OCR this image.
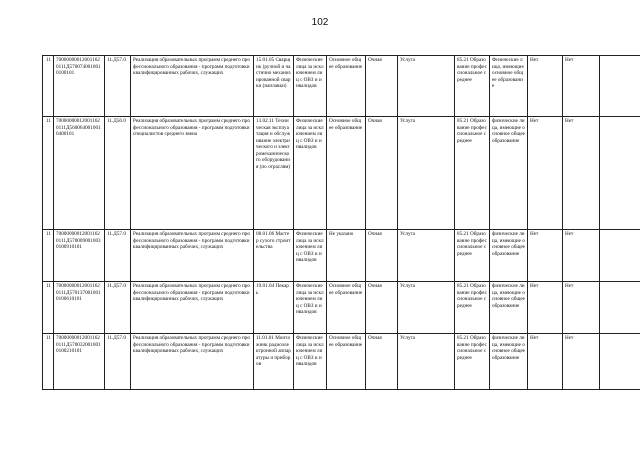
102
11	700000000120011620111Д5700740010010100101	11.Д57.0	Реализация образовательных программ среднего профессионального образования - программ подготовки квалифицированных рабочих, служащих	15.01.05 Сварщик (ручной и частично механизированной сварки (наплавки)	Физические лица за исключением лиц с ОВЗ и инвалидов	Основное общее образование	Очная	Услуга	85.21 Образование профессиональное среднее	Физические лица, имеющие основное общее образование	Нет	Нет	
11	700000000120011620111Д5600640010010400101	11.Д56.0	Реализация образовательных программ среднего профессионального образования - программ подготовки специалистов среднего звена	13.02.11 Техническая эксплуатация и обслуживание электрического и электромеханического оборудования (по отраслям)	Физические лица за исключением лиц с ОВЗ и инвалидов	Основное общее образование	Очная	Услуга	85.21 Образование профессиональное среднее	физические лица, имеющие основное общее образование	Нет	Нет	
11	700000000120011620111Д5700090010030100910101	11.Д57.0	Реализация образовательных программ среднего профессионального образования - программ подготовки квалифицированных рабочих, служащих	08.01.06 Мастер сухого строительства	Физические лица за исключением лиц с ОВЗ и инвалидов	Не указано	Очная	Услуга	85.21 Образование профессиональное среднее	физические лица, имеющие основное общее образование	Нет	Нет	
11	700000000120011620111Д5701370010010100610101	11.Д57.0	Реализация образовательных программ среднего профессионального образования - программ подготовки квалифицированных рабочих, служащих	19.01.04 Пекарь	Физические лица за исключением лиц с ОВЗ и инвалидов	Основное общее образование	Очная	Услуга	85.21 Образование профессиональное среднее	физические лица, имеющие основное общее образование	Нет	Нет	
11	700000000120011620111Д5700320010010100210101	11.Д57.0	Реализация образовательных программ среднего профессионального образования - программ подготовки квалифицированных рабочих, служащих	11.01.01 Монтажник радиоэлектронной аппаратуры и приборов	Физические лица за исключением лиц с ОВЗ и инвалидов	Основное общее образование	Очная	Услуга	85.21 Образование профессиональное среднее	физические лица, имеющие основное общее образование	Нет	Нет	
